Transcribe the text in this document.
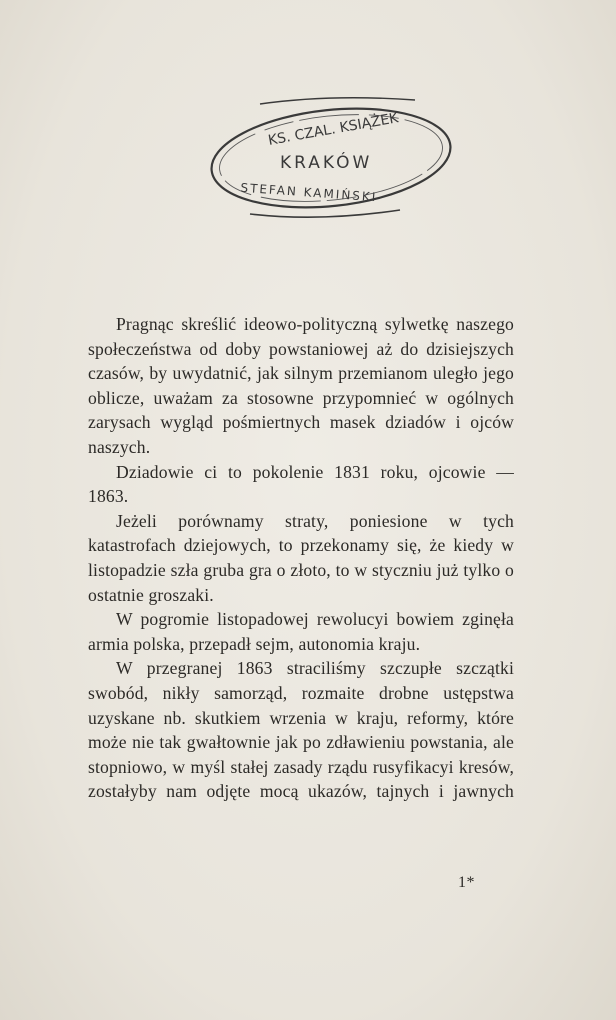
KS. CZAL. KSIĄŻEK
KRAKÓW
STEFAN KAMIŃSKI

Pragnąc skreślić ideowo-polityczną sylwetkę naszego społeczeństwa od doby powstaniowej aż do dzisiejszych czasów, by uwydatnić, jak silnym przemianom uległo jego oblicze, uważam za stosowne przypomnieć w ogólnych zarysach wygląd pośmiertnych masek dziadów i ojców naszych.

Dziadowie ci to pokolenie 1831 roku, ojcowie — 1863.

Jeżeli porównamy straty, poniesione w tych katastrofach dziejowych, to przekonamy się, że kiedy w listopadzie szła gruba gra o złoto, to w styczniu już tylko o ostatnie groszaki.

W pogromie listopadowej rewolucyi bowiem zginęła armia polska, przepadł sejm, autonomia kraju.

W przegranej 1863 straciliśmy szczupłe szczątki swobód, nikły samorząd, rozmaite drobne ustępstwa uzyskane nb. skutkiem wrzenia w kraju, reformy, które może nie tak gwałtownie jak po zdławieniu powstania, ale stopniowo, w myśl stałej zasady rządu rusyfikacyi kresów, zostałyby nam odjęte mocą ukazów, tajnych i jawnych

1*
